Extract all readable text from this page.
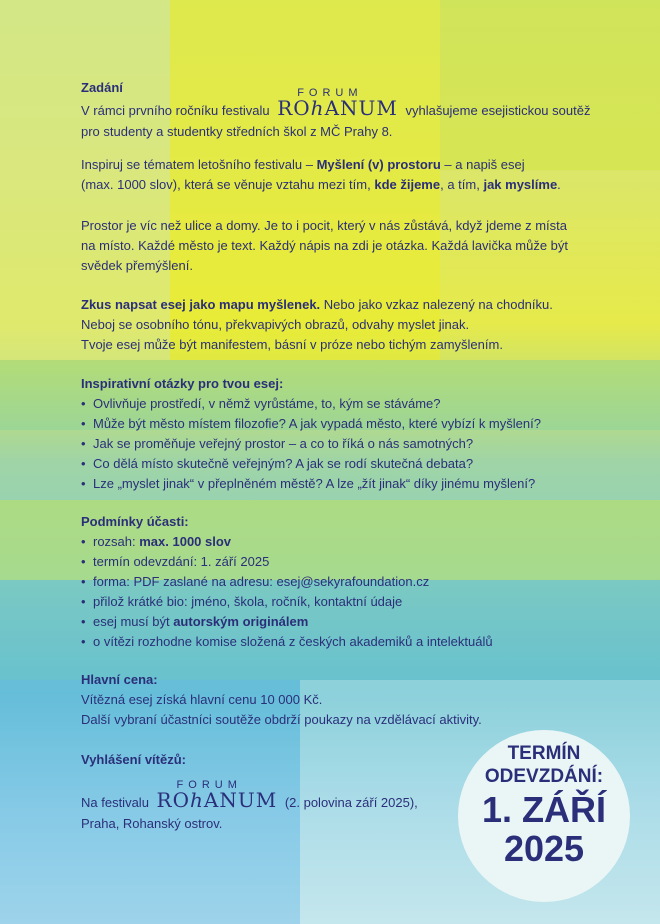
Zadání
V rámci prvního ročníku festivalu
FORUM
ROhANUM vyhlašujeme esejistickou soutěž
pro studenty a studentky středních škol z MČ Prahy 8.
Inspiruj se tématem letošního festivalu – Myšlení (v) prostoru – a napiš esej
(max. 1000 slov), která se věnuje vztahu mezi tím, kde žijeme, a tím, jak myslíme.
Prostor je víc než ulice a domy. Je to i pocit, který v nás zůstává, když jdeme z místa
na místo. Každé město je text. Každý nápis na zdi je otázka. Každá lavička může být
svědek přemýšlení.
Zkus napsat esej jako mapu myšlenek. Nebo jako vzkaz nalezený na chodníku.
Neboj se osobního tónu, překvapivých obrazů, odvahy myslet jinak.
Tvoje esej může být manifestem, básní v próze nebo tichým zamyšlením.
Inspirativní otázky pro tvou esej:
• Ovlivňuje prostředí, v němž vyrůstáme, to, kým se stáváme?
• Může být město místem filozofie? A jak vypadá město, které vybízí k myšlení?
• Jak se proměňuje veřejný prostor – a co to říká o nás samotných?
• Co dělá místo skutečně veřejným? A jak se rodí skutečná debata?
• Lze „myslet jinak“ v přeplněném městě? A lze „žít jinak“ díky jinému myšlení?
Podmínky účasti:
• rozsah: max. 1000 slov
• termín odevzdání: 1. září 2025
• forma: PDF zaslané na adresu: esej@sekyrafoundation.cz
• přilož krátké bio: jméno, škola, ročník, kontaktní údaje
• esej musí být autorským originálem
• o vítězi rozhodne komise složená z českých akademiků a intelektuálů
Hlavní cena:
Vítězná esej získá hlavní cenu 10 000 Kč.
Další vybraní účastníci soutěže obdrží poukazy na vzdělávací aktivity.
Vyhlášení vítězů:
Na festivalu
FORUM
ROhANUM (2. polovina září 2025),
Praha, Rohanský ostrov.
TERMÍN
ODEVZDÁNÍ:
1. ZÁŘÍ
2025
